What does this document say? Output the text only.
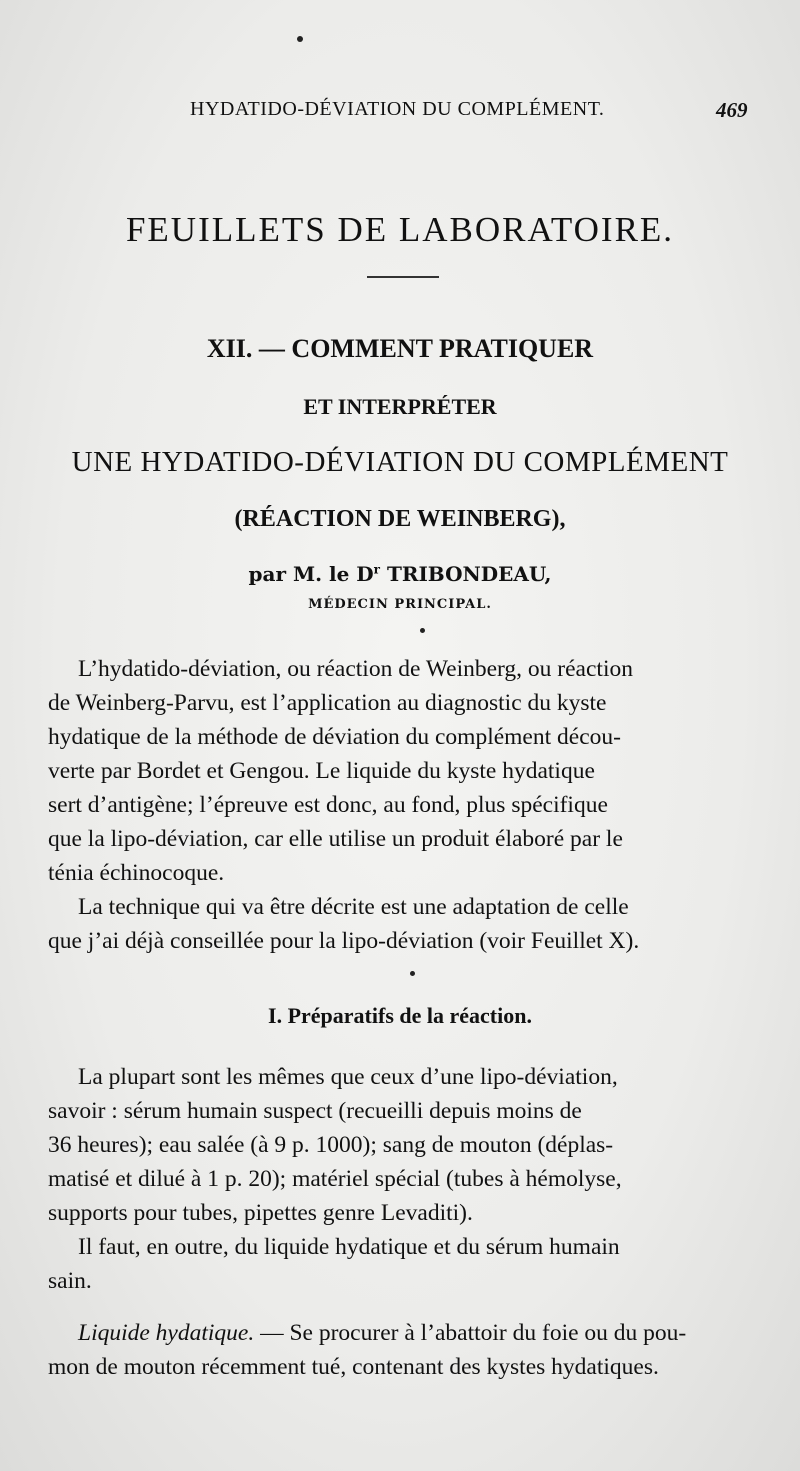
HYDATIDO-DÉVIATION DU COMPLÉMENT.	469
FEUILLETS DE LABORATOIRE.
XII. — COMMENT PRATIQUER
ET INTERPRÉTER
UNE HYDATIDO-DÉVIATION DU COMPLÉMENT
(RÉACTION DE WEINBERG),
par M. le $D^r$ TRIBONDEAU,
MÉDECIN PRINCIPAL.
L’hydatido-déviation, ou réaction de Weinberg, ou réaction
de Weinberg-Parvu, est l’application au diagnostic du kyste
hydatique de la méthode de déviation du complément décou-
verte par Bordet et Gengou. Le liquide du kyste hydatique
sert d’antigène; l’épreuve est donc, au fond, plus spécifique
que la lipo-déviation, car elle utilise un produit élaboré par le
ténia échinocoque.
La technique qui va être décrite est une adaptation de celle
que j’ai déjà conseillée pour la lipo-déviation (voir Feuillet X).
I. Préparatifs de la réaction.
La plupart sont les mêmes que ceux d’une lipo-déviation,
savoir : sérum humain suspect (recueilli depuis moins de
36 heures); eau salée (à 9 p. 1000); sang de mouton (déplas-
matisé et dilué à 1 p. 20); matériel spécial (tubes à hémolyse,
supports pour tubes, pipettes genre Levaditi).
Il faut, en outre, du liquide hydatique et du sérum humain
sain.
Liquide hydatique. — Se procurer à l’abattoir du foie ou du pou-
mon de mouton récemment tué, contenant des kystes hydatiques.
